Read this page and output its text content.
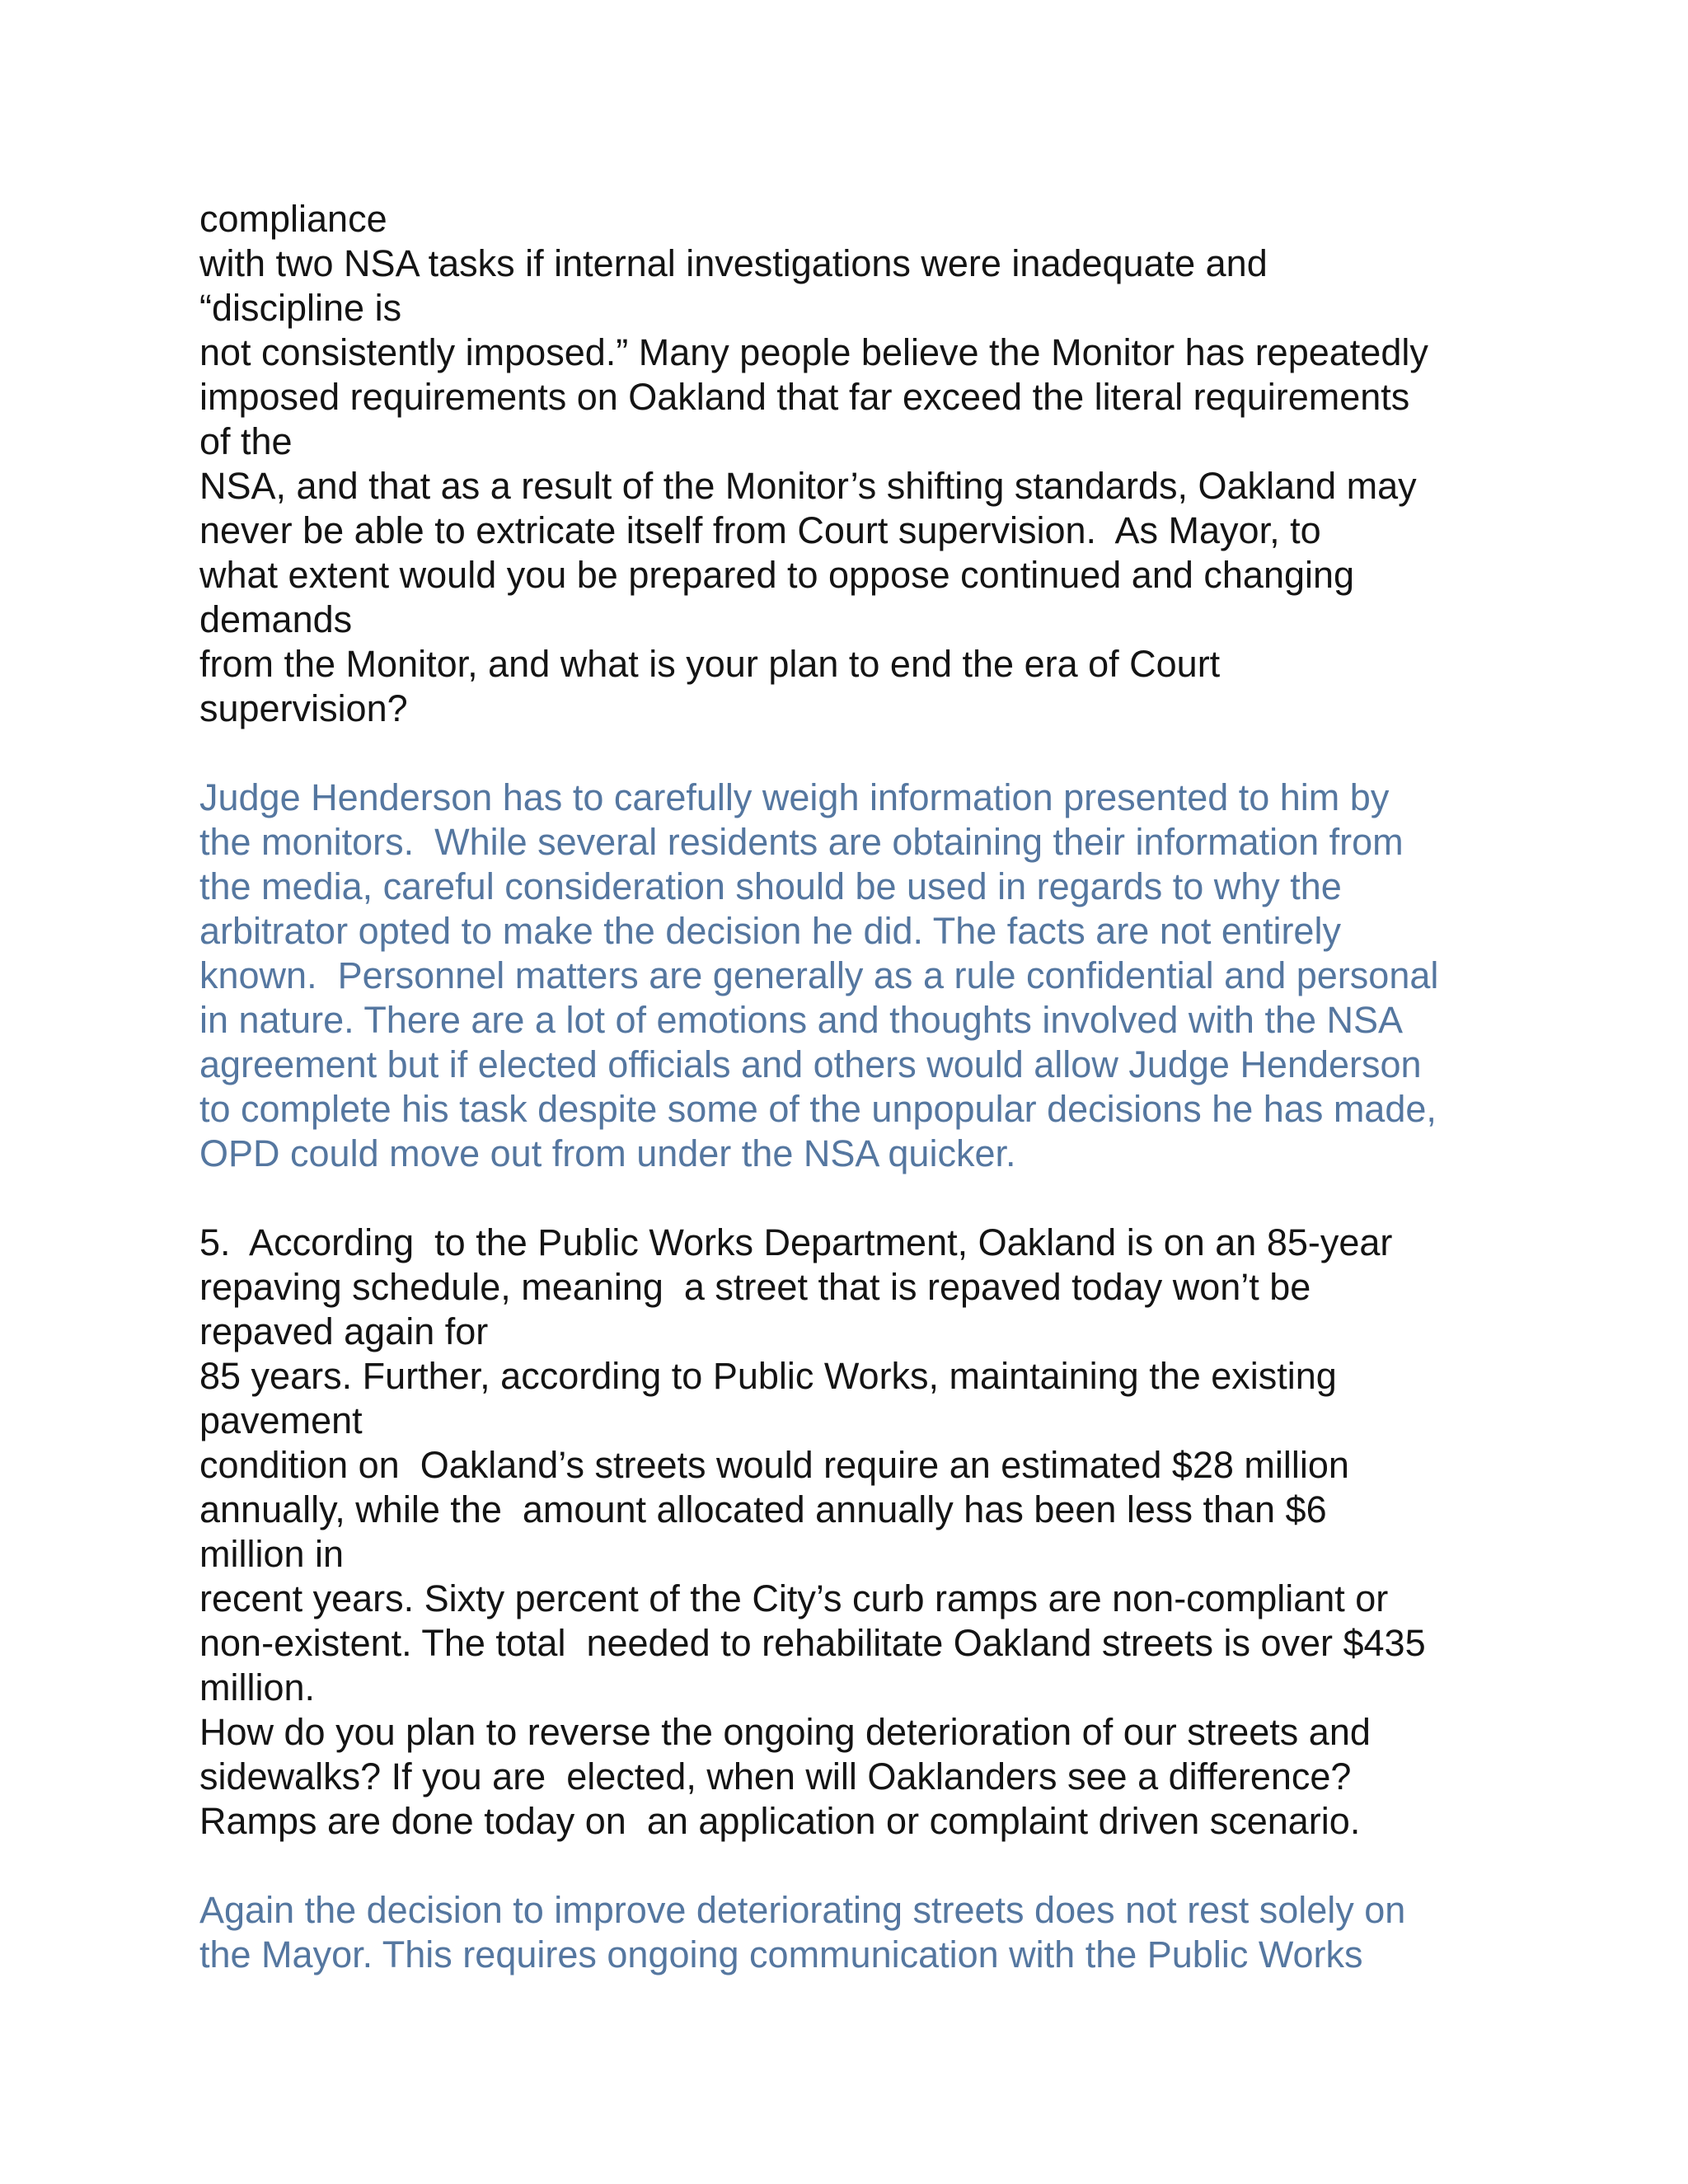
compliance
with two NSA tasks if internal investigations were inadequate and
“discipline is
not consistently imposed.” Many people believe the Monitor has repeatedly
imposed requirements on Oakland that far exceed the literal requirements
of the
NSA, and that as a result of the Monitor’s shifting standards, Oakland may
never be able to extricate itself from Court supervision.  As Mayor, to
what extent would you be prepared to oppose continued and changing
demands
from the Monitor, and what is your plan to end the era of Court
supervision?
Judge Henderson has to carefully weigh information presented to him by
the monitors.  While several residents are obtaining their information from
the media, careful consideration should be used in regards to why the
arbitrator opted to make the decision he did. The facts are not entirely
known.  Personnel matters are generally as a rule confidential and personal
in nature. There are a lot of emotions and thoughts involved with the NSA
agreement but if elected officials and others would allow Judge Henderson
to complete his task despite some of the unpopular decisions he has made,
OPD could move out from under the NSA quicker.
5.  According  to the Public Works Department, Oakland is on an 85-year
repaving schedule, meaning  a street that is repaved today won’t be
repaved again for
85 years. Further, according to Public Works, maintaining the existing
pavement
condition on  Oakland’s streets would require an estimated $28 million
annually, while the  amount allocated annually has been less than $6
million in
recent years. Sixty percent of the City’s curb ramps are non-compliant or
non-existent. The total  needed to rehabilitate Oakland streets is over $435
million.
How do you plan to reverse the ongoing deterioration of our streets and
sidewalks? If you are  elected, when will Oaklanders see a difference?
Ramps are done today on  an application or complaint driven scenario.
Again the decision to improve deteriorating streets does not rest solely on
the Mayor. This requires ongoing communication with the Public Works
